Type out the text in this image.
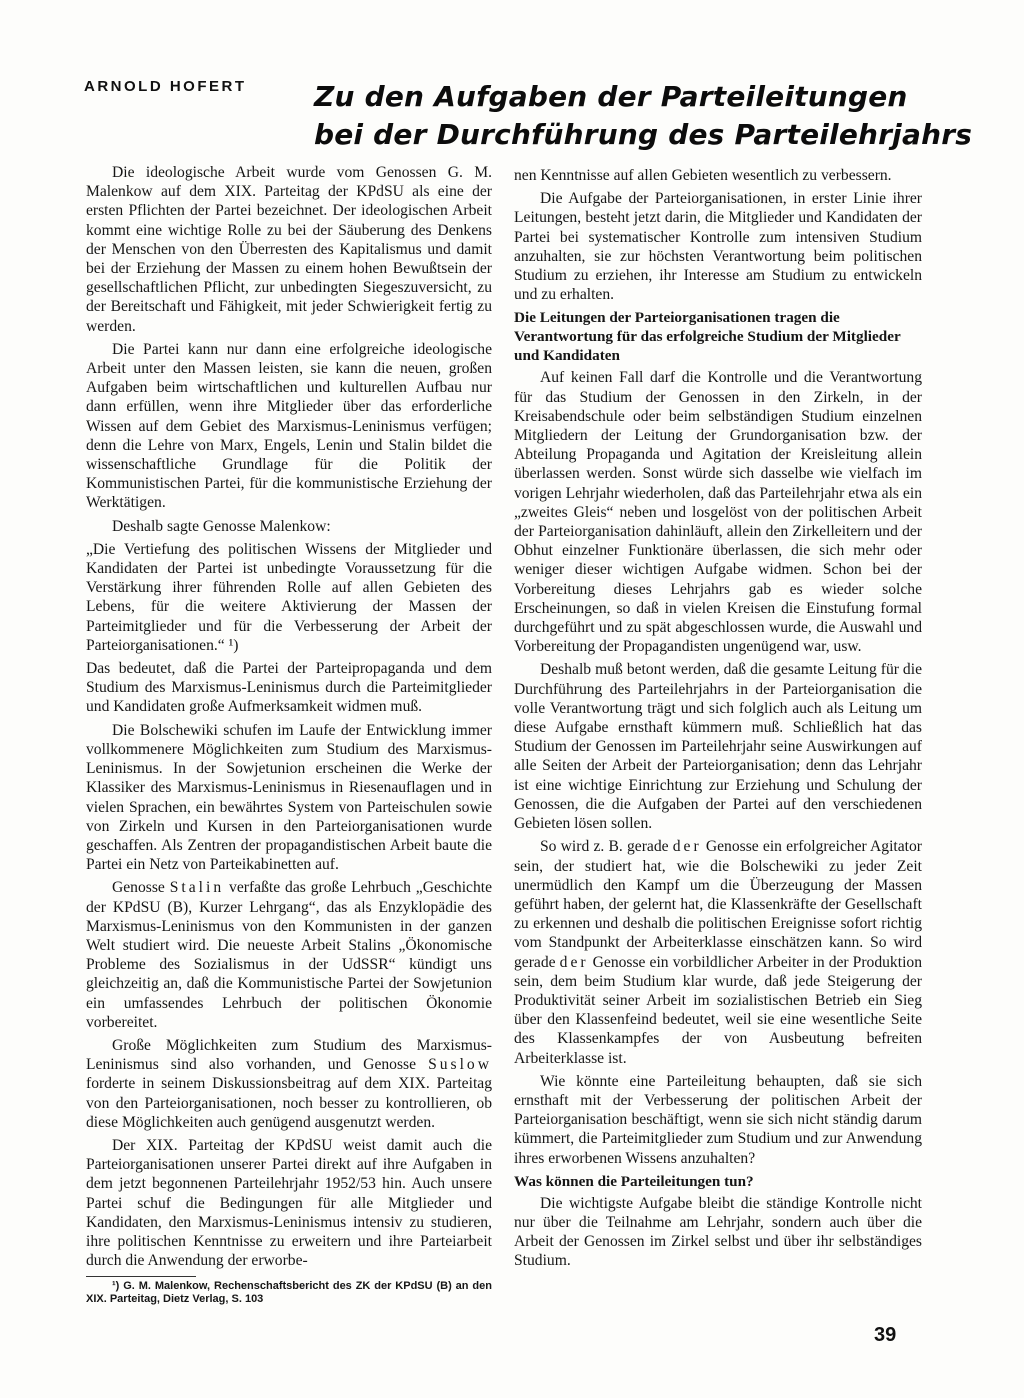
ARNOLD HOFERT Zu den Aufgaben der Parteileitungen
bei der Durchführung des Parteilehrjahrs

Die ideologische Arbeit wurde vom Genossen G. M. Malenkow auf dem XIX. Parteitag der KPdSU als eine der ersten Pflichten der Partei bezeichnet. Der ideologischen Arbeit kommt eine wichtige Rolle zu bei der Säuberung des Denkens der Menschen von den Überresten des Kapitalismus und damit bei der Erziehung der Massen zu einem hohen Bewußtsein der gesellschaftlichen Pflicht, zur unbedingten Siegeszuversicht, zu der Bereitschaft und Fähigkeit, mit jeder Schwierigkeit fertig zu werden.

Die Partei kann nur dann eine erfolgreiche ideologische Arbeit unter den Massen leisten, sie kann die neuen, großen Aufgaben beim wirtschaftlichen und kulturellen Aufbau nur dann erfüllen, wenn ihre Mitglieder über das erforderliche Wissen auf dem Gebiet des Marxismus-Leninismus verfügen; denn die Lehre von Marx, Engels, Lenin und Stalin bildet die wissenschaftliche Grundlage für die Politik der Kommunistischen Partei, für die kommunistische Erziehung der Werktätigen.

Deshalb sagte Genosse Malenkow:

„Die Vertiefung des politischen Wissens der Mitglieder und Kandidaten der Partei ist unbedingte Voraussetzung für die Verstärkung ihrer führenden Rolle auf allen Gebieten des Lebens, für die weitere Aktivierung der Massen der Parteimitglieder und für die Verbesserung der Arbeit der Parteiorganisationen.“ ¹)

Das bedeutet, daß die Partei der Parteipropaganda und dem Studium des Marxismus-Leninismus durch die Parteimitglieder und Kandidaten große Aufmerksamkeit widmen muß.

Die Bolschewiki schufen im Laufe der Entwicklung immer vollkommenere Möglichkeiten zum Studium des Marxismus-Leninismus. In der Sowjetunion erscheinen die Werke der Klassiker des Marxismus-Leninismus in Riesenauflagen und in vielen Sprachen, ein bewährtes System von Parteischulen sowie von Zirkeln und Kursen in den Parteiorganisationen wurde geschaffen. Als Zentren der propagandistischen Arbeit baute die Partei ein Netz von Parteikabinetten auf.

Genosse Stalin verfaßte das große Lehrbuch „Geschichte der KPdSU (B), Kurzer Lehrgang“, das als Enzyklopädie des Marxismus-Leninismus von den Kommunisten in der ganzen Welt studiert wird. Die neueste Arbeit Stalins „Ökonomische Probleme des Sozialismus in der UdSSR“ kündigt uns gleichzeitig an, daß die Kommunistische Partei der Sowjetunion ein umfassendes Lehrbuch der politischen Ökonomie vorbereitet.

Große Möglichkeiten zum Studium des Marxismus-Leninismus sind also vorhanden, und Genosse Suslow forderte in seinem Diskussionsbeitrag auf dem XIX. Parteitag von den Parteiorganisationen, noch besser zu kontrollieren, ob diese Möglichkeiten auch genügend ausgenutzt werden.

Der XIX. Parteitag der KPdSU weist damit auch die Parteiorganisationen unserer Partei direkt auf ihre Aufgaben in dem jetzt begonnenen Parteilehrjahr 1952/53 hin. Auch unsere Partei schuf die Bedingungen für alle Mitglieder und Kandidaten, den Marxismus-Leninismus intensiv zu studieren, ihre politischen Kenntnisse zu erweitern und ihre Parteiarbeit durch die Anwendung der erworbe-

¹) G. M. Malenkow, Rechenschaftsbericht des ZK der KPdSU (B) an den XIX. Parteitag, Dietz Verlag, S. 103

nen Kenntnisse auf allen Gebieten wesentlich zu verbessern.

Die Aufgabe der Parteiorganisationen, in erster Linie ihrer Leitungen, besteht jetzt darin, die Mitglieder und Kandidaten der Partei bei systematischer Kontrolle zum intensiven Studium anzuhalten, sie zur höchsten Verantwortung beim politischen Studium zu erziehen, ihr Interesse am Studium zu entwickeln und zu erhalten.

Die Leitungen der Parteiorganisationen tragen die Verantwortung für das erfolgreiche Studium der Mitglieder und Kandidaten

Auf keinen Fall darf die Kontrolle und die Verantwortung für das Studium der Genossen in den Zirkeln, in der Kreisabendschule oder beim selbständigen Studium einzelnen Mitgliedern der Leitung der Grundorganisation bzw. der Abteilung Propaganda und Agitation der Kreisleitung allein überlassen werden. Sonst würde sich dasselbe wie vielfach im vorigen Lehrjahr wiederholen, daß das Parteilehrjahr etwa als ein „zweites Gleis“ neben und losgelöst von der politischen Arbeit der Parteiorganisation dahinläuft, allein den Zirkelleitern und der Obhut einzelner Funktionäre überlassen, die sich mehr oder weniger dieser wichtigen Aufgabe widmen. Schon bei der Vorbereitung dieses Lehrjahrs gab es wieder solche Erscheinungen, so daß in vielen Kreisen die Einstufung formal durchgeführt und zu spät abgeschlossen wurde, die Auswahl und Vorbereitung der Propagandisten ungenügend war, usw.

Deshalb muß betont werden, daß die gesamte Leitung für die Durchführung des Parteilehrjahrs in der Parteiorganisation die volle Verantwortung trägt und sich folglich auch als Leitung um diese Aufgabe ernsthaft kümmern muß. Schließlich hat das Studium der Genossen im Parteilehrjahr seine Auswirkungen auf alle Seiten der Arbeit der Parteiorganisation; denn das Lehrjahr ist eine wichtige Einrichtung zur Erziehung und Schulung der Genossen, die die Aufgaben der Partei auf den verschiedenen Gebieten lösen sollen.

So wird z. B. gerade der Genosse ein erfolgreicher Agitator sein, der studiert hat, wie die Bolschewiki zu jeder Zeit unermüdlich den Kampf um die Überzeugung der Massen geführt haben, der gelernt hat, die Klassenkräfte der Gesellschaft zu erkennen und deshalb die politischen Ereignisse sofort richtig vom Standpunkt der Arbeiterklasse einschätzen kann. So wird gerade der Genosse ein vorbildlicher Arbeiter in der Produktion sein, dem beim Studium klar wurde, daß jede Steigerung der Produktivität seiner Arbeit im sozialistischen Betrieb ein Sieg über den Klassenfeind bedeutet, weil sie eine wesentliche Seite des Klassenkampfes der von Ausbeutung befreiten Arbeiterklasse ist.

Wie könnte eine Parteileitung behaupten, daß sie sich ernsthaft mit der Verbesserung der politischen Arbeit der Parteiorganisation beschäftigt, wenn sie sich nicht ständig darum kümmert, die Parteimitglieder zum Studium und zur Anwendung ihres erworbenen Wissens anzuhalten?

Was können die Parteileitungen tun?

Die wichtigste Aufgabe bleibt die ständige Kontrolle nicht nur über die Teilnahme am Lehrjahr, sondern auch über die Arbeit der Genossen im Zirkel selbst und über ihr selbständiges Studium.

39
